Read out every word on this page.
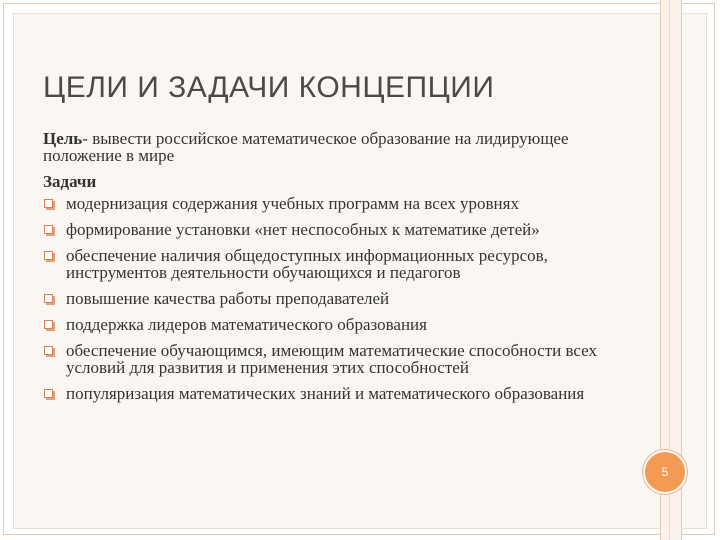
ЦЕЛИ И ЗАДАЧИ КОНЦЕПЦИИ

Цель- вывести российское математическое образование на лидирующее положение в мире

Задачи
модернизация содержания учебных программ на всех уровнях
формирование установки «нет неспособных к математике детей»
обеспечение наличия общедоступных информационных ресурсов, инструментов деятельности обучающихся и педагогов
повышение качества работы преподавателей
поддержка лидеров математического образования
обеспечение обучающимся, имеющим математические способности всех условий для развития и применения этих способностей
популяризация математических знаний и математического образования
5
